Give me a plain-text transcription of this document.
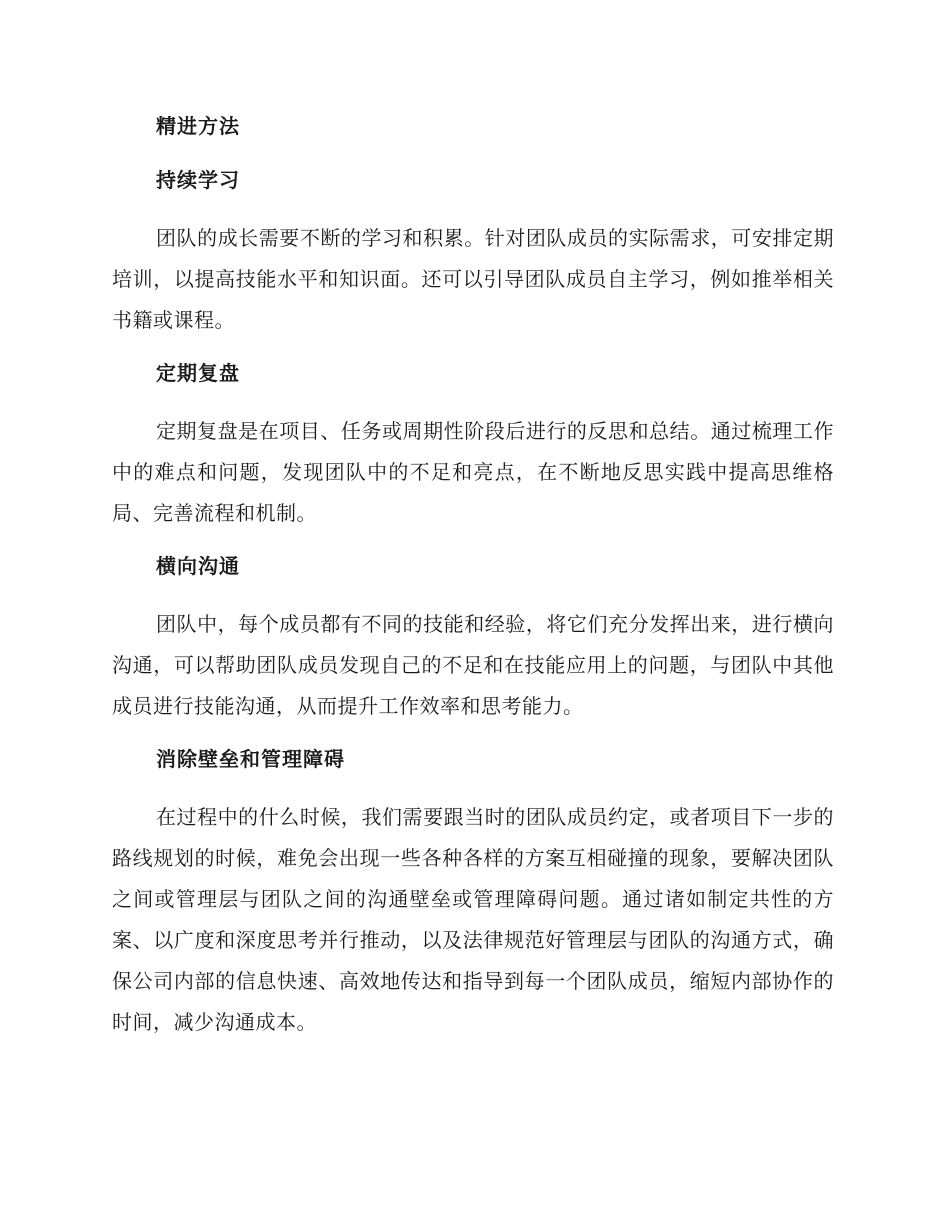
精进方法
持续学习
团队的成长需要不断的学习和积累。针对团队成员的实际需求，可安排定期培训，以提高技能水平和知识面。还可以引导团队成员自主学习，例如推举相关书籍或课程。
定期复盘
定期复盘是在项目、任务或周期性阶段后进行的反思和总结。通过梳理工作中的难点和问题，发现团队中的不足和亮点，在不断地反思实践中提高思维格局、完善流程和机制。
横向沟通
团队中，每个成员都有不同的技能和经验，将它们充分发挥出来，进行横向沟通，可以帮助团队成员发现自己的不足和在技能应用上的问题，与团队中其他成员进行技能沟通，从而提升工作效率和思考能力。
消除壁垒和管理障碍
在过程中的什么时候，我们需要跟当时的团队成员约定，或者项目下一步的路线规划的时候，难免会出现一些各种各样的方案互相碰撞的现象，要解决团队之间或管理层与团队之间的沟通壁垒或管理障碍问题。通过诸如制定共性的方案、以广度和深度思考并行推动，以及法律规范好管理层与团队的沟通方式，确保公司内部的信息快速、高效地传达和指导到每一个团队成员，缩短内部协作的时间，减少沟通成本。
